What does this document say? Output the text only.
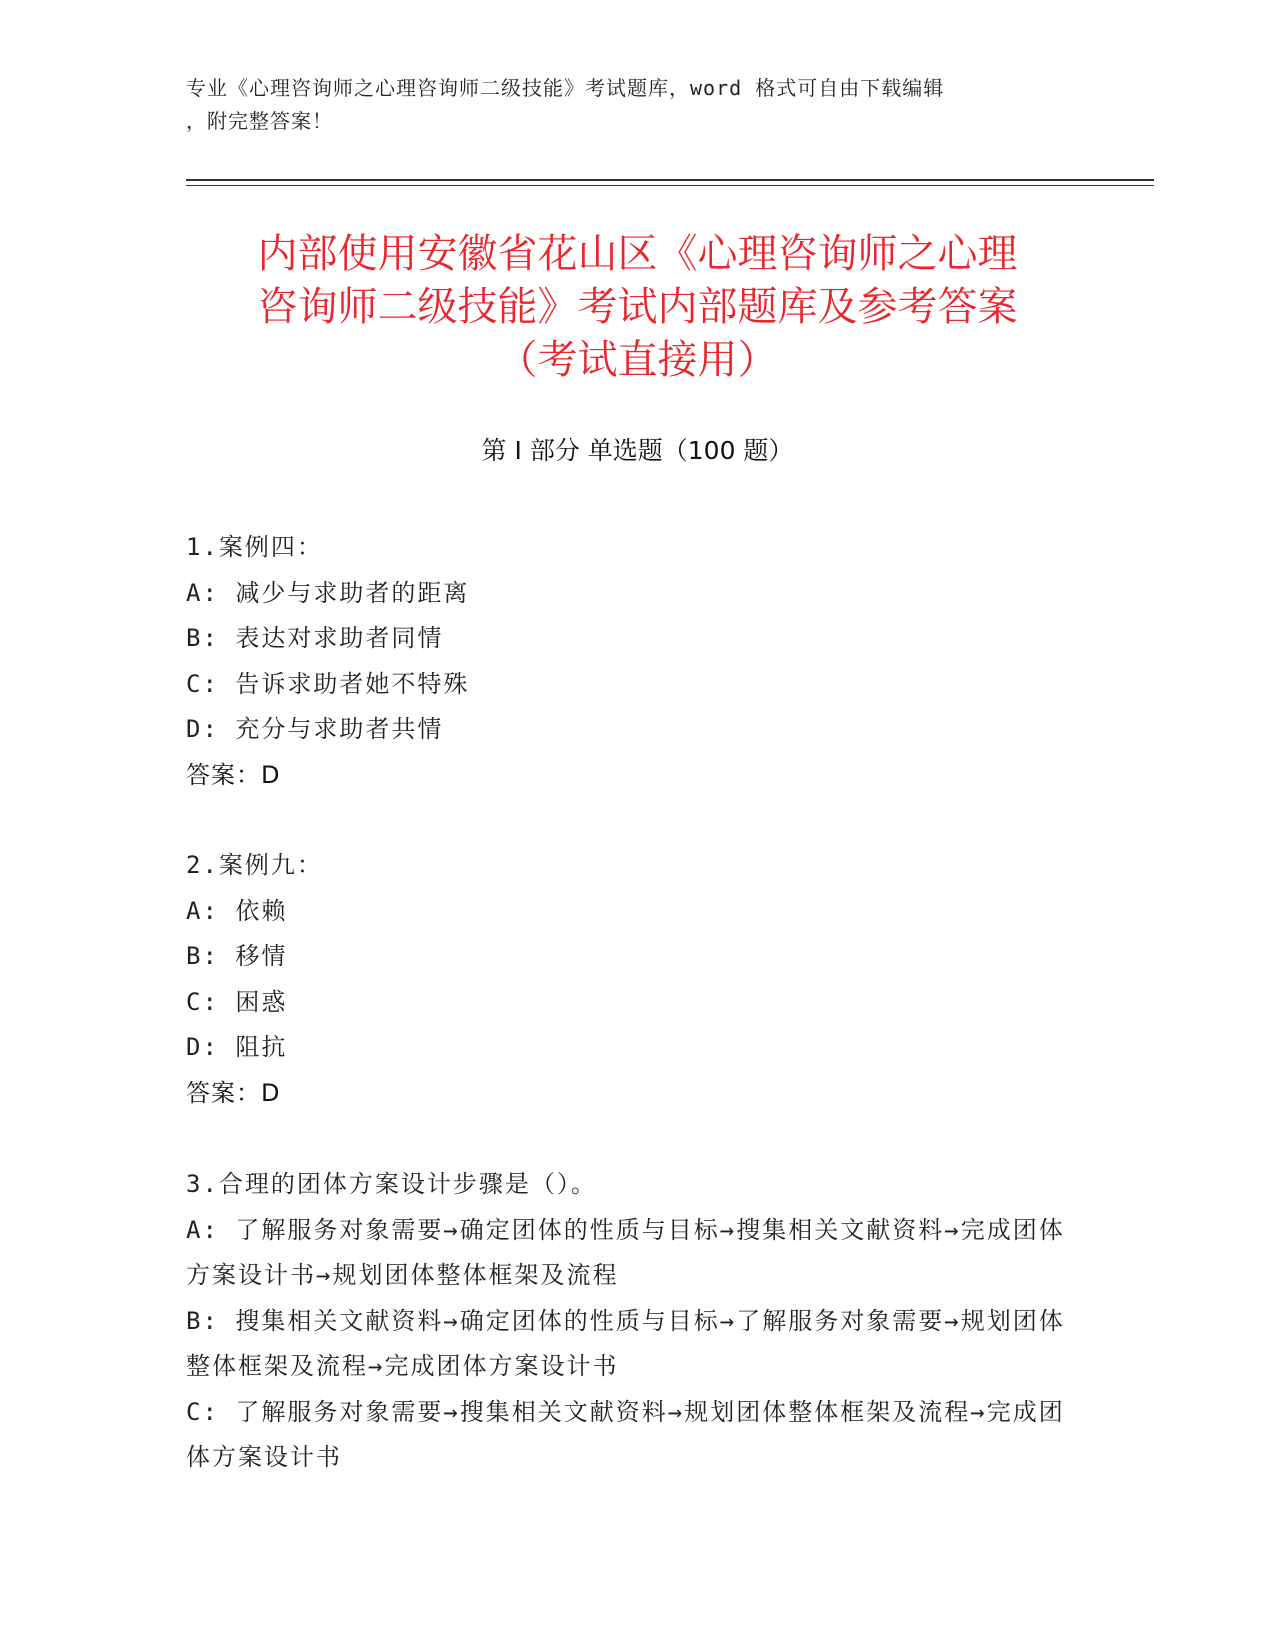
专业《心理咨询师之心理咨询师二级技能》考试题库，word 格式可自由下载编辑
，附完整答案！
内部使用安徽省花山区《心理咨询师之心理
咨询师二级技能》考试内部题库及参考答案
（考试直接用）
第 I 部分 单选题（100 题）
1.案例四：
A: 减少与求助者的距离
B: 表达对求助者同情
C: 告诉求助者她不特殊
D: 充分与求助者共情
答案：D
2.案例九：
A: 依赖
B: 移情
C: 困惑
D: 阻抗
答案：D
3.合理的团体方案设计步骤是（）。
A: 了解服务对象需要→确定团体的性质与目标→搜集相关文献资料→完成团体方案设计书→规划团体整体框架及流程
B: 搜集相关文献资料→确定团体的性质与目标→了解服务对象需要→规划团体整体框架及流程→完成团体方案设计书
C: 了解服务对象需要→搜集相关文献资料→规划团体整体框架及流程→完成团体方案设计书
